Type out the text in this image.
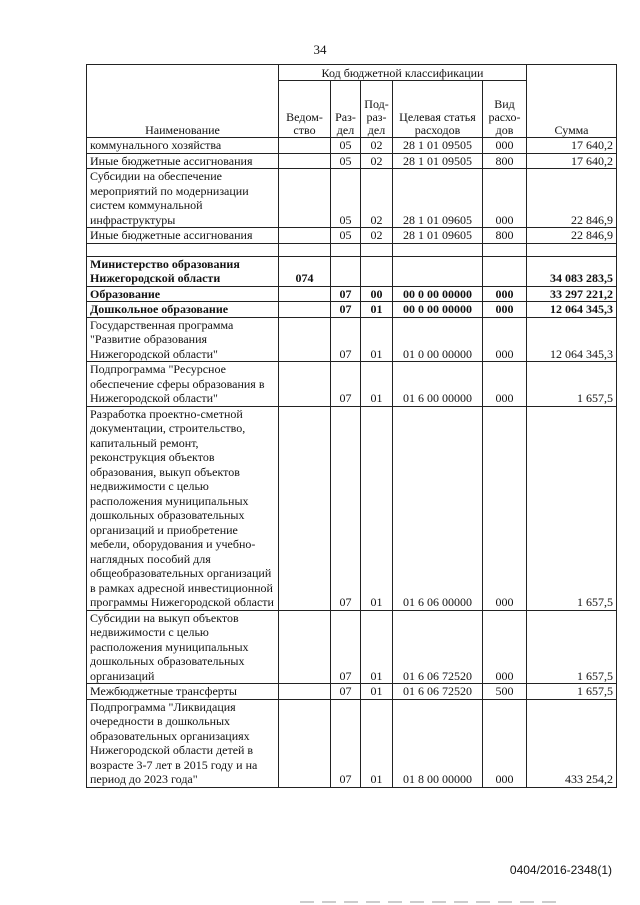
34
Наименование	Код бюджетной классификации					Сумма
	Ведом-ство	Раз-дел	Под-раз-дел	Целевая статья расходов	Вид расхо-дов	
коммунального хозяйства		05	02	28 1 01 09505	000	17 640,2
Иные бюджетные ассигнования		05	02	28 1 01 09505	800	17 640,2
Субсидии на обеспечение мероприятий по модернизации систем коммунальной инфраструктуры		05	02	28 1 01 09605	000	22 846,9
Иные бюджетные ассигнования		05	02	28 1 01 09605	800	22 846,9

Министерство образования Нижегородской области	074					34 083 283,5
Образование		07	00	00 0 00 00000	000	33 297 221,2
Дошкольное образование		07	01	00 0 00 00000	000	12 064 345,3
Государственная программа "Развитие образования Нижегородской области"		07	01	01 0 00 00000	000	12 064 345,3
Подпрограмма "Ресурсное обеспечение сферы образования в Нижегородской области"		07	01	01 6 00 00000	000	1 657,5
Разработка проектно-сметной документации, строительство, капитальный ремонт, реконструкция объектов образования, выкуп объектов недвижимости с целью расположения муниципальных дошкольных образовательных организаций и приобретение мебели, оборудования и учебно-наглядных пособий для общеобразовательных организаций в рамках адресной инвестиционной программы Нижегородской области		07	01	01 6 06 00000	000	1 657,5
Субсидии на выкуп объектов недвижимости с целью расположения муниципальных дошкольных образовательных организаций		07	01	01 6 06 72520	000	1 657,5
Межбюджетные трансферты		07	01	01 6 06 72520	500	1 657,5
Подпрограмма "Ликвидация очередности в дошкольных образовательных организациях Нижегородской области детей в возрасте 3-7 лет в 2015 году и на период до 2023 года"		07	01	01 8 00 00000	000	433 254,2
0404/2016-2348(1)
